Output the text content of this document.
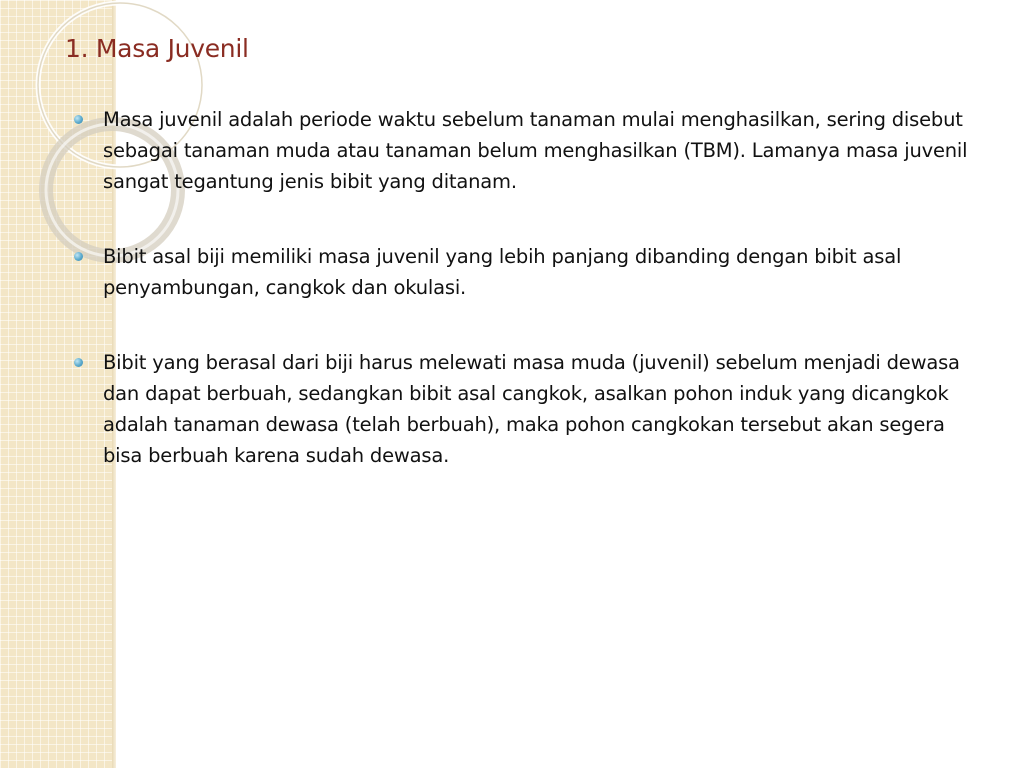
1. Masa Juvenil
Masa juvenil adalah periode waktu sebelum tanaman mulai menghasilkan, sering disebut sebagai tanaman muda atau tanaman belum menghasilkan (TBM). Lamanya masa juvenil sangat tegantung jenis bibit yang ditanam.
Bibit asal biji memiliki masa juvenil yang lebih panjang dibanding dengan bibit asal penyambungan, cangkok dan okulasi.
Bibit yang berasal dari biji harus melewati masa muda (juvenil) sebelum menjadi dewasa dan dapat berbuah, sedangkan bibit asal cangkok, asalkan pohon induk yang dicangkok adalah tanaman dewasa (telah berbuah), maka pohon cangkokan tersebut akan segera bisa berbuah karena sudah dewasa.
